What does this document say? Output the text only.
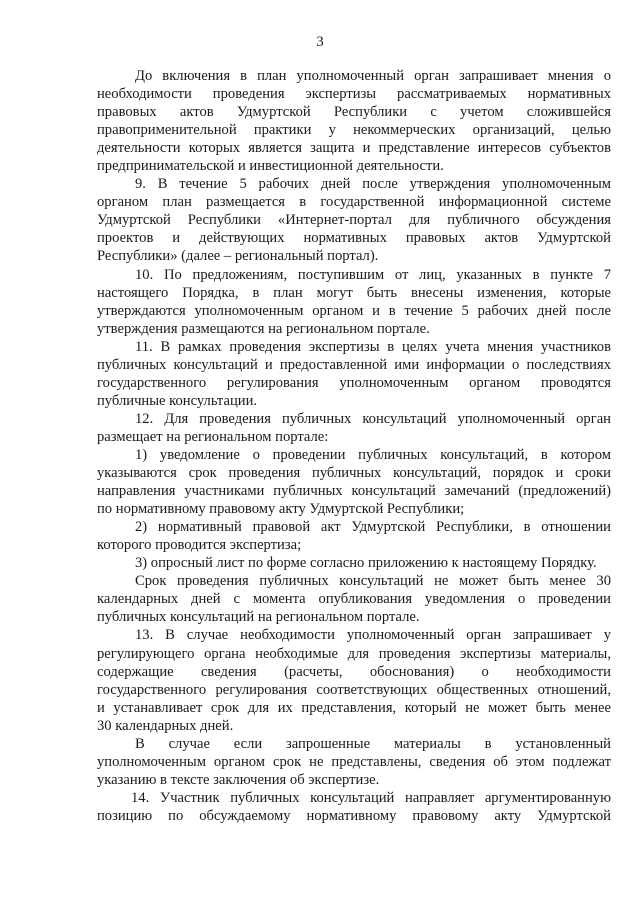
3
До включения в план уполномоченный орган запрашивает мнения о
необходимости проведения экспертизы рассматриваемых нормативных
правовых актов Удмуртской Республики с учетом сложившейся
правоприменительной практики у некоммерческих организаций, целью
деятельности которых является защита и представление интересов субъектов
предпринимательской и инвестиционной деятельности.
9. В течение 5 рабочих дней после утверждения уполномоченным
органом план размещается в государственной информационной системе
Удмуртской Республики «Интернет-портал для публичного обсуждения
проектов и действующих нормативных правовых актов Удмуртской
Республики» (далее – региональный портал).
10. По предложениям, поступившим от лиц, указанных в пункте 7
настоящего Порядка, в план могут быть внесены изменения, которые
утверждаются уполномоченным органом и в течение 5 рабочих дней после
утверждения размещаются на региональном портале.
11. В рамках проведения экспертизы в целях учета мнения участников
публичных консультаций и предоставленной ими информации о последствиях
государственного регулирования уполномоченным органом проводятся
публичные консультации.
12. Для проведения публичных консультаций уполномоченный орган
размещает на региональном портале:
1) уведомление о проведении публичных консультаций, в котором
указываются срок проведения публичных консультаций, порядок и сроки
направления участниками публичных консультаций замечаний (предложений)
по нормативному правовому акту Удмуртской Республики;
2) нормативный правовой акт Удмуртской Республики, в отношении
которого проводится экспертиза;
3) опросный лист по форме согласно приложению к настоящему Порядку.
Срок проведения публичных консультаций не может быть менее 30
календарных дней с момента опубликования уведомления о проведении
публичных консультаций на региональном портале.
13. В случае необходимости уполномоченный орган запрашивает у
регулирующего органа необходимые для проведения экспертизы материалы,
содержащие сведения (расчеты, обоснования) о необходимости
государственного регулирования соответствующих общественных отношений,
и устанавливает срок для их представления, который не может быть менее
30 календарных дней.
В случае если запрошенные материалы в установленный
уполномоченным органом срок не представлены, сведения об этом подлежат
указанию в тексте заключения об экспертизе.
14. Участник публичных консультаций направляет аргументированную
позицию по обсуждаемому нормативному правовому акту Удмуртской
